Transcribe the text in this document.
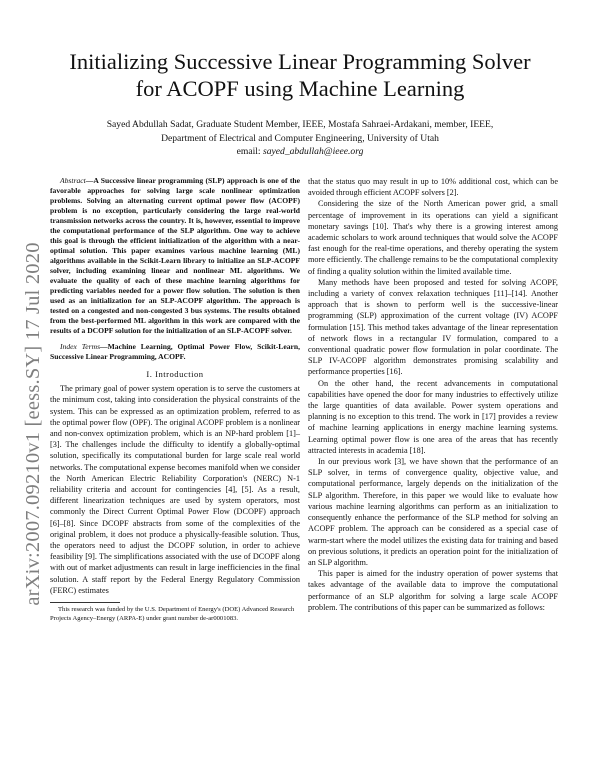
Initializing Successive Linear Programming Solver
for ACOPF using Machine Learning
Sayed Abdullah Sadat, Graduate Student Member, IEEE, Mostafa Sahraei-Ardakani, member, IEEE,
Department of Electrical and Computer Engineering, University of Utah
email: sayed_abdullah@ieee.org
arXiv:2007.09210v1 [eess.SY] 17 Jul 2020

Abstract—A Successive linear programming (SLP) approach is one of the favorable approaches for solving large scale nonlinear optimization problems. Solving an alternating current optimal power flow (ACOPF) problem is no exception, particularly considering the large real-world transmission networks across the country. It is, however, essential to improve the computational performance of the SLP algorithm. One way to achieve this goal is through the efficient initialization of the algorithm with a near-optimal solution. This paper examines various machine learning (ML) algorithms available in the Scikit-Learn library to initialize an SLP-ACOPF solver, including examining linear and nonlinear ML algorithms. We evaluate the quality of each of these machine learning algorithms for predicting variables needed for a power flow solution. The solution is then used as an initialization for an SLP-ACOPF algorithm. The approach is tested on a congested and non-congested 3 bus systems. The results obtained from the best-performed ML algorithm in this work are compared with the results of a DCOPF solution for the initialization of an SLP-ACOPF solver.

Index Terms—Machine Learning, Optimal Power Flow, Scikit-Learn, Successive Linear Programming, ACOPF.

I. Introduction

The primary goal of power system operation is to serve the customers at the minimum cost, taking into consideration the physical constraints of the system. This can be expressed as an optimization problem, referred to as the optimal power flow (OPF). The original ACOPF problem is a nonlinear and non-convex optimization problem, which is an NP-hard problem [1]–[3]. The challenges include the difficulty to identify a globally-optimal solution, specifically its computational burden for large scale real world networks. The computational expense becomes manifold when we consider the North American Electric Reliability Corporation's (NERC) N-1 reliability criteria and account for contingencies [4], [5]. As a result, different linearization techniques are used by system operators, most commonly the Direct Current Optimal Power Flow (DCOPF) approach [6]–[8]. Since DCOPF abstracts from some of the complexities of the original problem, it does not produce a physically-feasible solution. Thus, the operators need to adjust the DCOPF solution, in order to achieve feasibility [9]. The simplifications associated with the use of DCOPF along with out of market adjustments can result in large inefficiencies in the final solution. A staff report by the Federal Energy Regulatory Commission (FERC) estimates

This research was funded by the U.S. Department of Energy's (DOE) Advanced Research Projects Agency–Energy (ARPA-E) under grant number de-ar0001083.

that the status quo may result in up to 10% additional cost, which can be avoided through efficient ACOPF solvers [2].

Considering the size of the North American power grid, a small percentage of improvement in its operations can yield a significant monetary savings [10]. That's why there is a growing interest among academic scholars to work around techniques that would solve the ACOPF fast enough for the real-time operations, and thereby operating the system more efficiently. The challenge remains to be the computational complexity of finding a quality solution within the limited available time.

Many methods have been proposed and tested for solving ACOPF, including a variety of convex relaxation techniques [11]–[14]. Another approach that is shown to perform well is the successive-linear programming (SLP) approximation of the current voltage (IV) ACOPF formulation [15]. This method takes advantage of the linear representation of network flows in a rectangular IV formulation, compared to a conventional quadratic power flow formulation in polar coordinate. The SLP IV-ACOPF algorithm demonstrates promising scalability and performance properties [16].

On the other hand, the recent advancements in computational capabilities have opened the door for many industries to effectively utilize the large quantities of data available. Power system operations and planning is no exception to this trend. The work in [17] provides a review of machine learning applications in energy machine learning systems. Learning optimal power flow is one area of the areas that has recently attracted interests in academia [18].

In our previous work [3], we have shown that the performance of an SLP solver, in terms of convergence quality, objective value, and computational performance, largely depends on the initialization of the SLP algorithm. Therefore, in this paper we would like to evaluate how various machine learning algorithms can perform as an initialization to consequently enhance the performance of the SLP method for solving an ACOPF problem. The approach can be considered as a special case of warm-start where the model utilizes the existing data for training and based on previous solutions, it predicts an operation point for the initialization of an SLP algorithm.

This paper is aimed for the industry operation of power systems that takes advantage of the available data to improve the computational performance of an SLP algorithm for solving a large scale ACOPF problem. The contributions of this paper can be summarized as follows:
